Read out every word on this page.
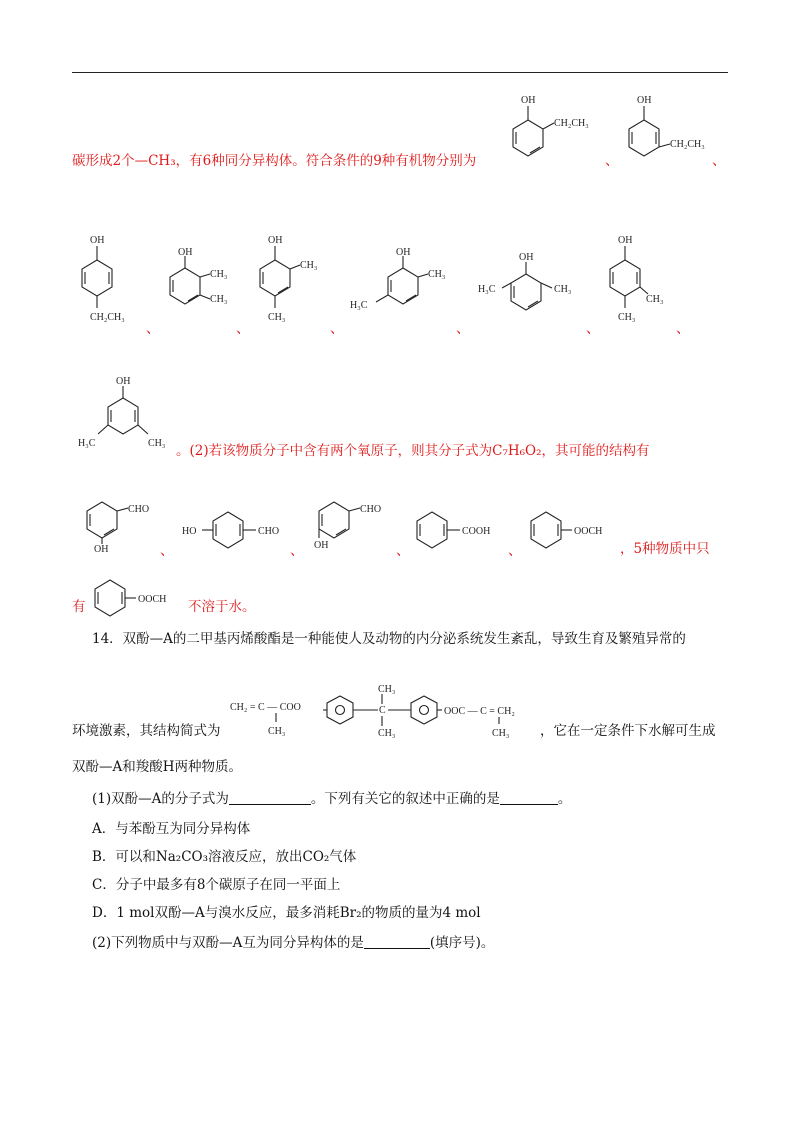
碳形成2个—CH₃，有6种同分异构体。符合条件的9种有机物分别为
OH
CH₂CH₃
、
OH
CH₂CH₃
、
OH
CH₂CH₃
、
OH
CH₃
CH₃
、
OH
CH₃
CH₃
、
OH
CH₃
H₃C
、
OH
CH₃
H₃C
、
OH
CH₃
CH₃
、
OH
CH₃
H₃C	。(2)若该物质分子中含有两个氧原子，则其分子式为C₇H₆O₂，其可能的结构有
CHO
OH	、
HO	CHO
、
CHO
OH	、
COOH
、
OOCH
，5种物质中只
有	OOCH 不溶于水。
14．双酚—A的二甲基丙烯酸酯是一种能使人及动物的内分泌系统发生紊乱，导致生育及繁殖异常的
CH₂ = C — COO
CH₃
CH₃
C
CH₃
OOC — C = CH₂
CH₃
环境激素，其结构简式为	，它在一定条件下水解可生成
双酚—A和羧酸H两种物质。
(1)双酚—A的分子式为	。下列有关它的叙述中正确的是	。
A．与苯酚互为同分异构体
B．可以和Na₂CO₃溶液反应，放出CO₂气体
C．分子中最多有8个碳原子在同一平面上
D．1 mol双酚—A与溴水反应，最多消耗Br₂的物质的量为4 mol
(2)下列物质中与双酚—A互为同分异构体的是	(填序号)。
